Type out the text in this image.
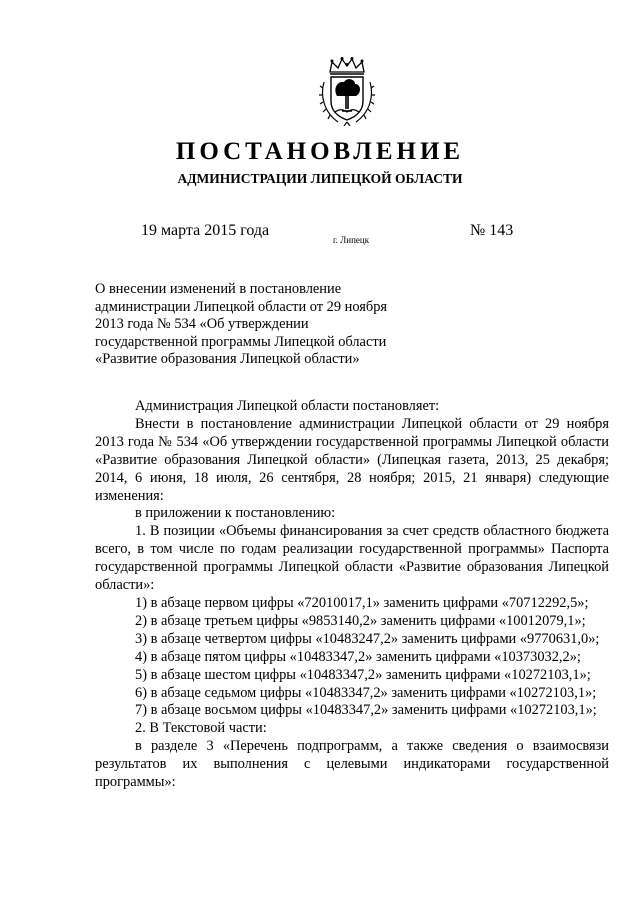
ПОСТАНОВЛЕНИЕ
АДМИНИСТРАЦИИ ЛИПЕЦКОЙ ОБЛАСТИ
19 марта 2015 года
г. Липецк
№ 143
О внесении изменений в постановление
администрации Липецкой области от 29 ноября
2013 года № 534 «Об утверждении
государственной программы Липецкой области
«Развитие образования Липецкой области»

Администрация Липецкой области постановляет:

Внести в постановление администрации Липецкой области от 29 ноября 2013 года № 534 «Об утверждении государственной программы Липецкой области «Развитие образования Липецкой области» (Липецкая газета, 2013, 25 декабря; 2014, 6 июня, 18 июля, 26 сентября, 28 ноября; 2015, 21 января) следующие изменения:

в приложении к постановлению:

1. В позиции «Объемы финансирования за счет средств областного бюджета всего, в том числе по годам реализации государственной программы» Паспорта государственной программы Липецкой области «Развитие образования Липецкой области»:

1) в абзаце первом цифры «72010017,1» заменить цифрами «70712292,5»;

2) в абзаце третьем цифры «9853140,2» заменить цифрами «10012079,1»;

3) в абзаце четвертом цифры «10483247,2» заменить цифрами «9770631,0»;

4) в абзаце пятом цифры «10483347,2» заменить цифрами «10373032,2»;

5) в абзаце шестом цифры «10483347,2» заменить цифрами «10272103,1»;

6) в абзаце седьмом цифры «10483347,2» заменить цифрами «10272103,1»;

7) в абзаце восьмом цифры «10483347,2» заменить цифрами «10272103,1»;

2. В Текстовой части:

в разделе 3 «Перечень подпрограмм, а также сведения о взаимосвязи результатов их выполнения с целевыми индикаторами государственной программы»:
